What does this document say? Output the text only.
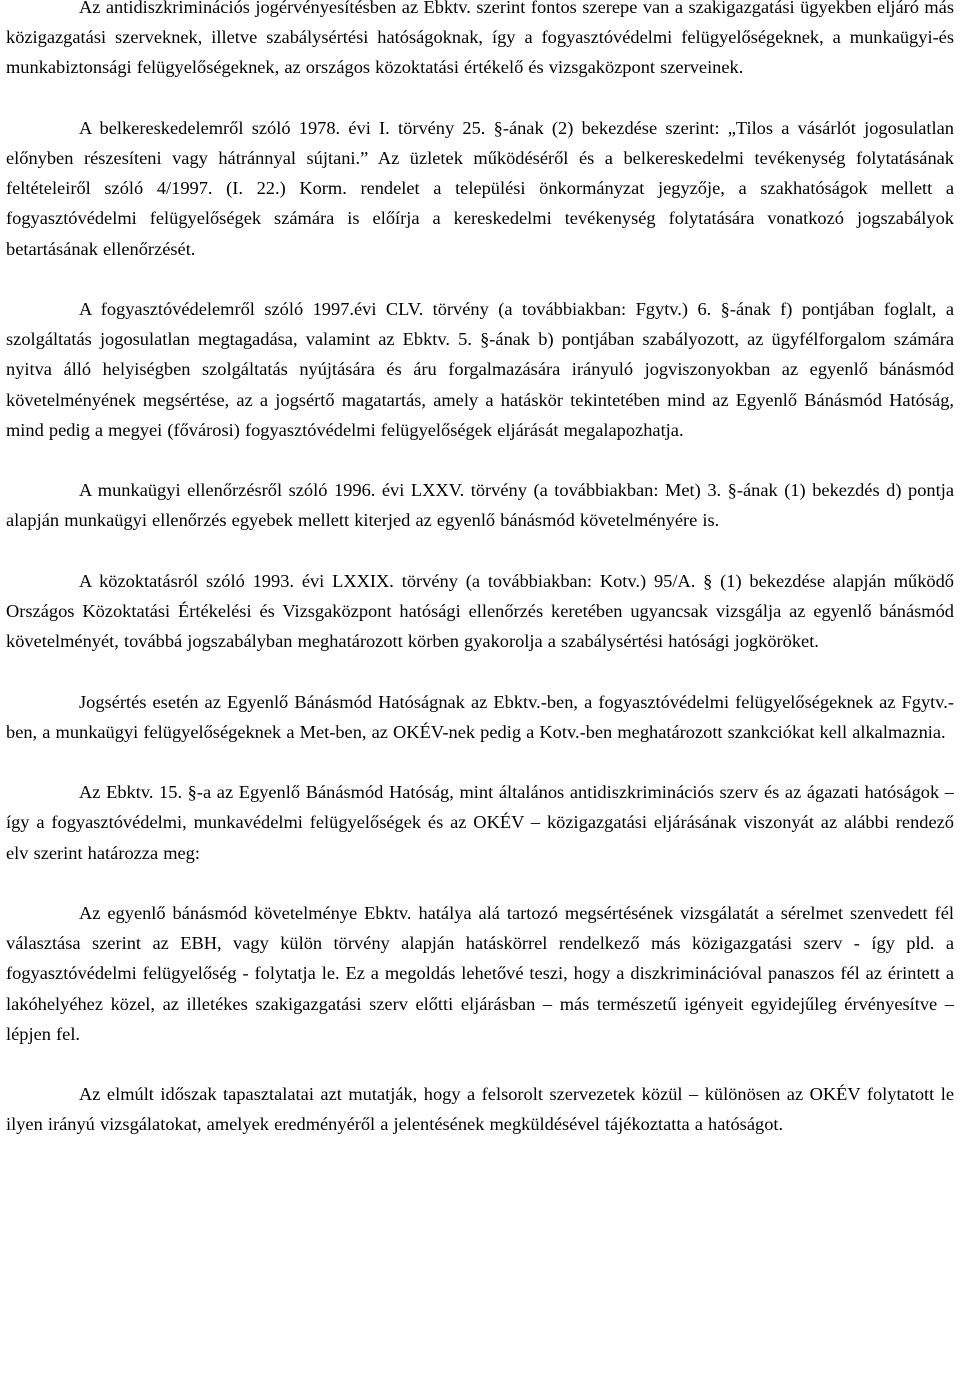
Az antidiszkriminációs jogérvényesítésben az Ebktv. szerint fontos szerepe van a szakigazgatási ügyekben eljáró más közigazgatási szerveknek, illetve szabálysértési hatóságoknak, így a fogyasztóvédelmi felügyelőségeknek, a munkaügyi-és munkabiztonsági felügyelőségeknek, az országos közoktatási értékelő és vizsgaközpont szerveinek.

A belkereskedelemről szóló 1978. évi I. törvény 25. §-ának (2) bekezdése szerint: „Tilos a vásárlót jogosulatlan előnyben részesíteni vagy hátránnyal sújtani.” Az üzletek működéséről és a belkereskedelmi tevékenység folytatásának feltételeiről szóló 4/1997. (I. 22.) Korm. rendelet a települési önkormányzat jegyzője, a szakhatóságok mellett a fogyasztóvédelmi felügyelőségek számára is előírja a kereskedelmi tevékenység folytatására vonatkozó jogszabályok betartásának ellenőrzését.

A fogyasztóvédelemről szóló 1997.évi CLV. törvény (a továbbiakban: Fgytv.) 6. §-ának f) pontjában foglalt, a szolgáltatás jogosulatlan megtagadása, valamint az Ebktv. 5. §-ának b) pontjában szabályozott, az ügyfélforgalom számára nyitva álló helyiségben szolgáltatás nyújtására és áru forgalmazására irányuló jogviszonyokban az egyenlő bánásmód követelményének megsértése, az a jogsértő magatartás, amely a hatáskör tekintetében mind az Egyenlő Bánásmód Hatóság, mind pedig a megyei (fővárosi) fogyasztóvédelmi felügyelőségek eljárását megalapozhatja.

A munkaügyi ellenőrzésről szóló 1996. évi LXXV. törvény (a továbbiakban: Met) 3. §-ának (1) bekezdés d) pontja alapján munkaügyi ellenőrzés egyebek mellett kiterjed az egyenlő bánásmód követelményére is.

A közoktatásról szóló 1993. évi LXXIX. törvény (a továbbiakban: Kotv.) 95/A. § (1) bekezdése alapján működő Országos Közoktatási Értékelési és Vizsgaközpont hatósági ellenőrzés keretében ugyancsak vizsgálja az egyenlő bánásmód követelményét, továbbá jogszabályban meghatározott körben gyakorolja a szabálysértési hatósági jogköröket.

Jogsértés esetén az Egyenlő Bánásmód Hatóságnak az Ebktv.-ben, a fogyasztóvédelmi felügyelőségeknek az Fgytv.-ben, a munkaügyi felügyelőségeknek a Met-ben, az OKÉV-nek pedig a Kotv.-ben meghatározott szankciókat kell alkalmaznia.

Az Ebktv. 15. §-a az Egyenlő Bánásmód Hatóság, mint általános antidiszkriminációs szerv és az ágazati hatóságok – így a fogyasztóvédelmi, munkavédelmi felügyelőségek és az OKÉV – közigazgatási eljárásának viszonyát az alábbi rendező elv szerint határozza meg:

Az egyenlő bánásmód követelménye Ebktv. hatálya alá tartozó megsértésének vizsgálatát a sérelmet szenvedett fél választása szerint az EBH, vagy külön törvény alapján hatáskörrel rendelkező más közigazgatási szerv - így pld. a fogyasztóvédelmi felügyelőség - folytatja le. Ez a megoldás lehetővé teszi, hogy a diszkriminációval panaszos fél az érintett a lakóhelyéhez közel, az illetékes szakigazgatási szerv előtti eljárásban – más természetű igényeit egyidejűleg érvényesítve – lépjen fel.

Az elmúlt időszak tapasztalatai azt mutatják, hogy a felsorolt szervezetek közül – különösen az OKÉV folytatott le ilyen irányú vizsgálatokat, amelyek eredményéről a jelentésének megküldésével tájékoztatta a hatóságot.
